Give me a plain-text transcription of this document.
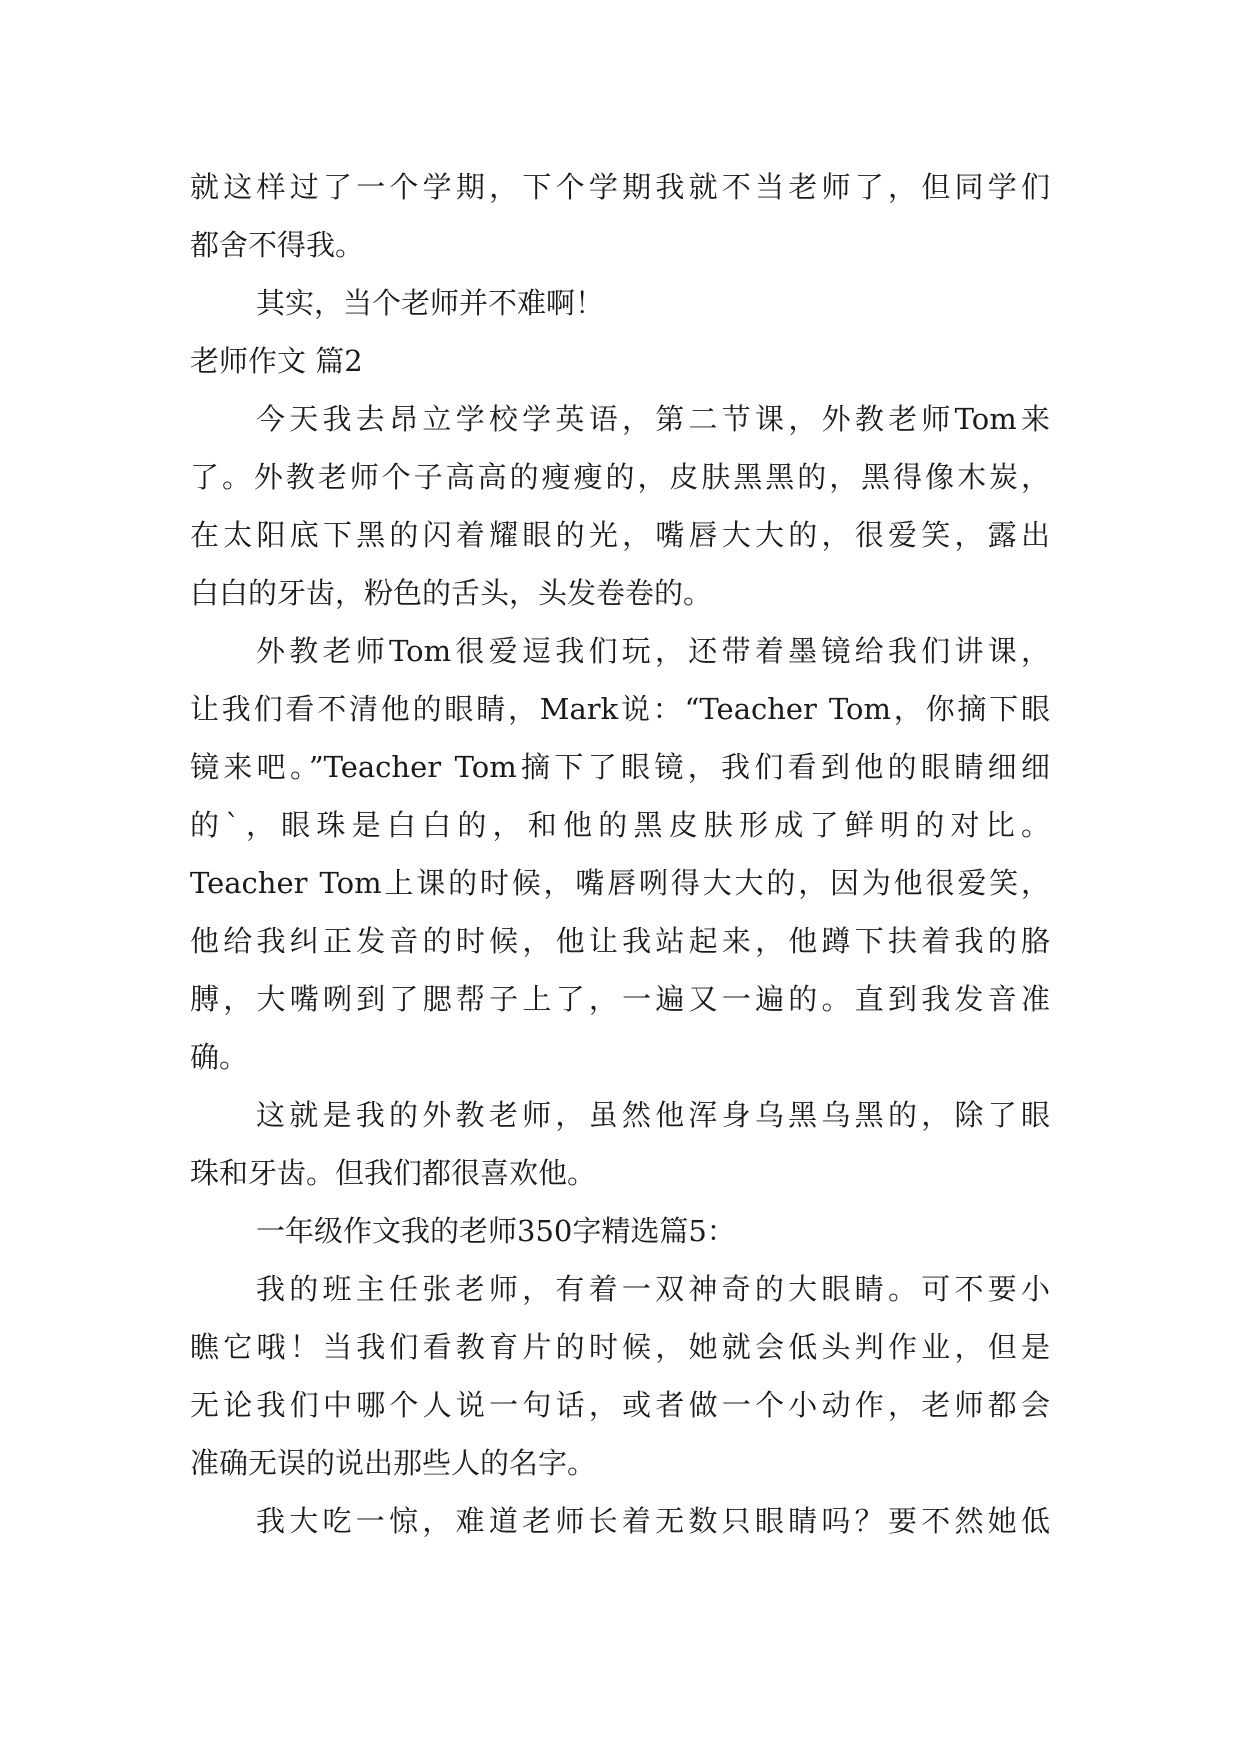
就这样过了一个学期，下个学期我就不当老师了，但同学们
都舍不得我。
其实，当个老师并不难啊！
老师作文 篇2
今天我去昂立学校学英语，第二节课，外教老师Tom来
了。外教老师个子高高的瘦瘦的，皮肤黑黑的，黑得像木炭，
在太阳底下黑的闪着耀眼的光，嘴唇大大的，很爱笑，露出
白白的牙齿，粉色的舌头，头发卷卷的。
外教老师Tom很爱逗我们玩，还带着墨镜给我们讲课，
让我们看不清他的眼睛，Mark说：“Teacher Tom，你摘下眼
镜来吧。”Teacher Tom摘下了眼镜，我们看到他的眼睛细细
的`，眼珠是白白的，和他的黑皮肤形成了鲜明的对比。
Teacher Tom上课的时候，嘴唇咧得大大的，因为他很爱笑，
他给我纠正发音的时候，他让我站起来，他蹲下扶着我的胳
膊，大嘴咧到了腮帮子上了，一遍又一遍的。直到我发音准
确。
这就是我的外教老师，虽然他浑身乌黑乌黑的，除了眼
珠和牙齿。但我们都很喜欢他。
一年级作文我的老师350字精选篇5：
我的班主任张老师，有着一双神奇的大眼睛。可不要小
瞧它哦！当我们看教育片的时候，她就会低头判作业，但是
无论我们中哪个人说一句话，或者做一个小动作，老师都会
准确无误的说出那些人的名字。
我大吃一惊，难道老师长着无数只眼睛吗？要不然她低
